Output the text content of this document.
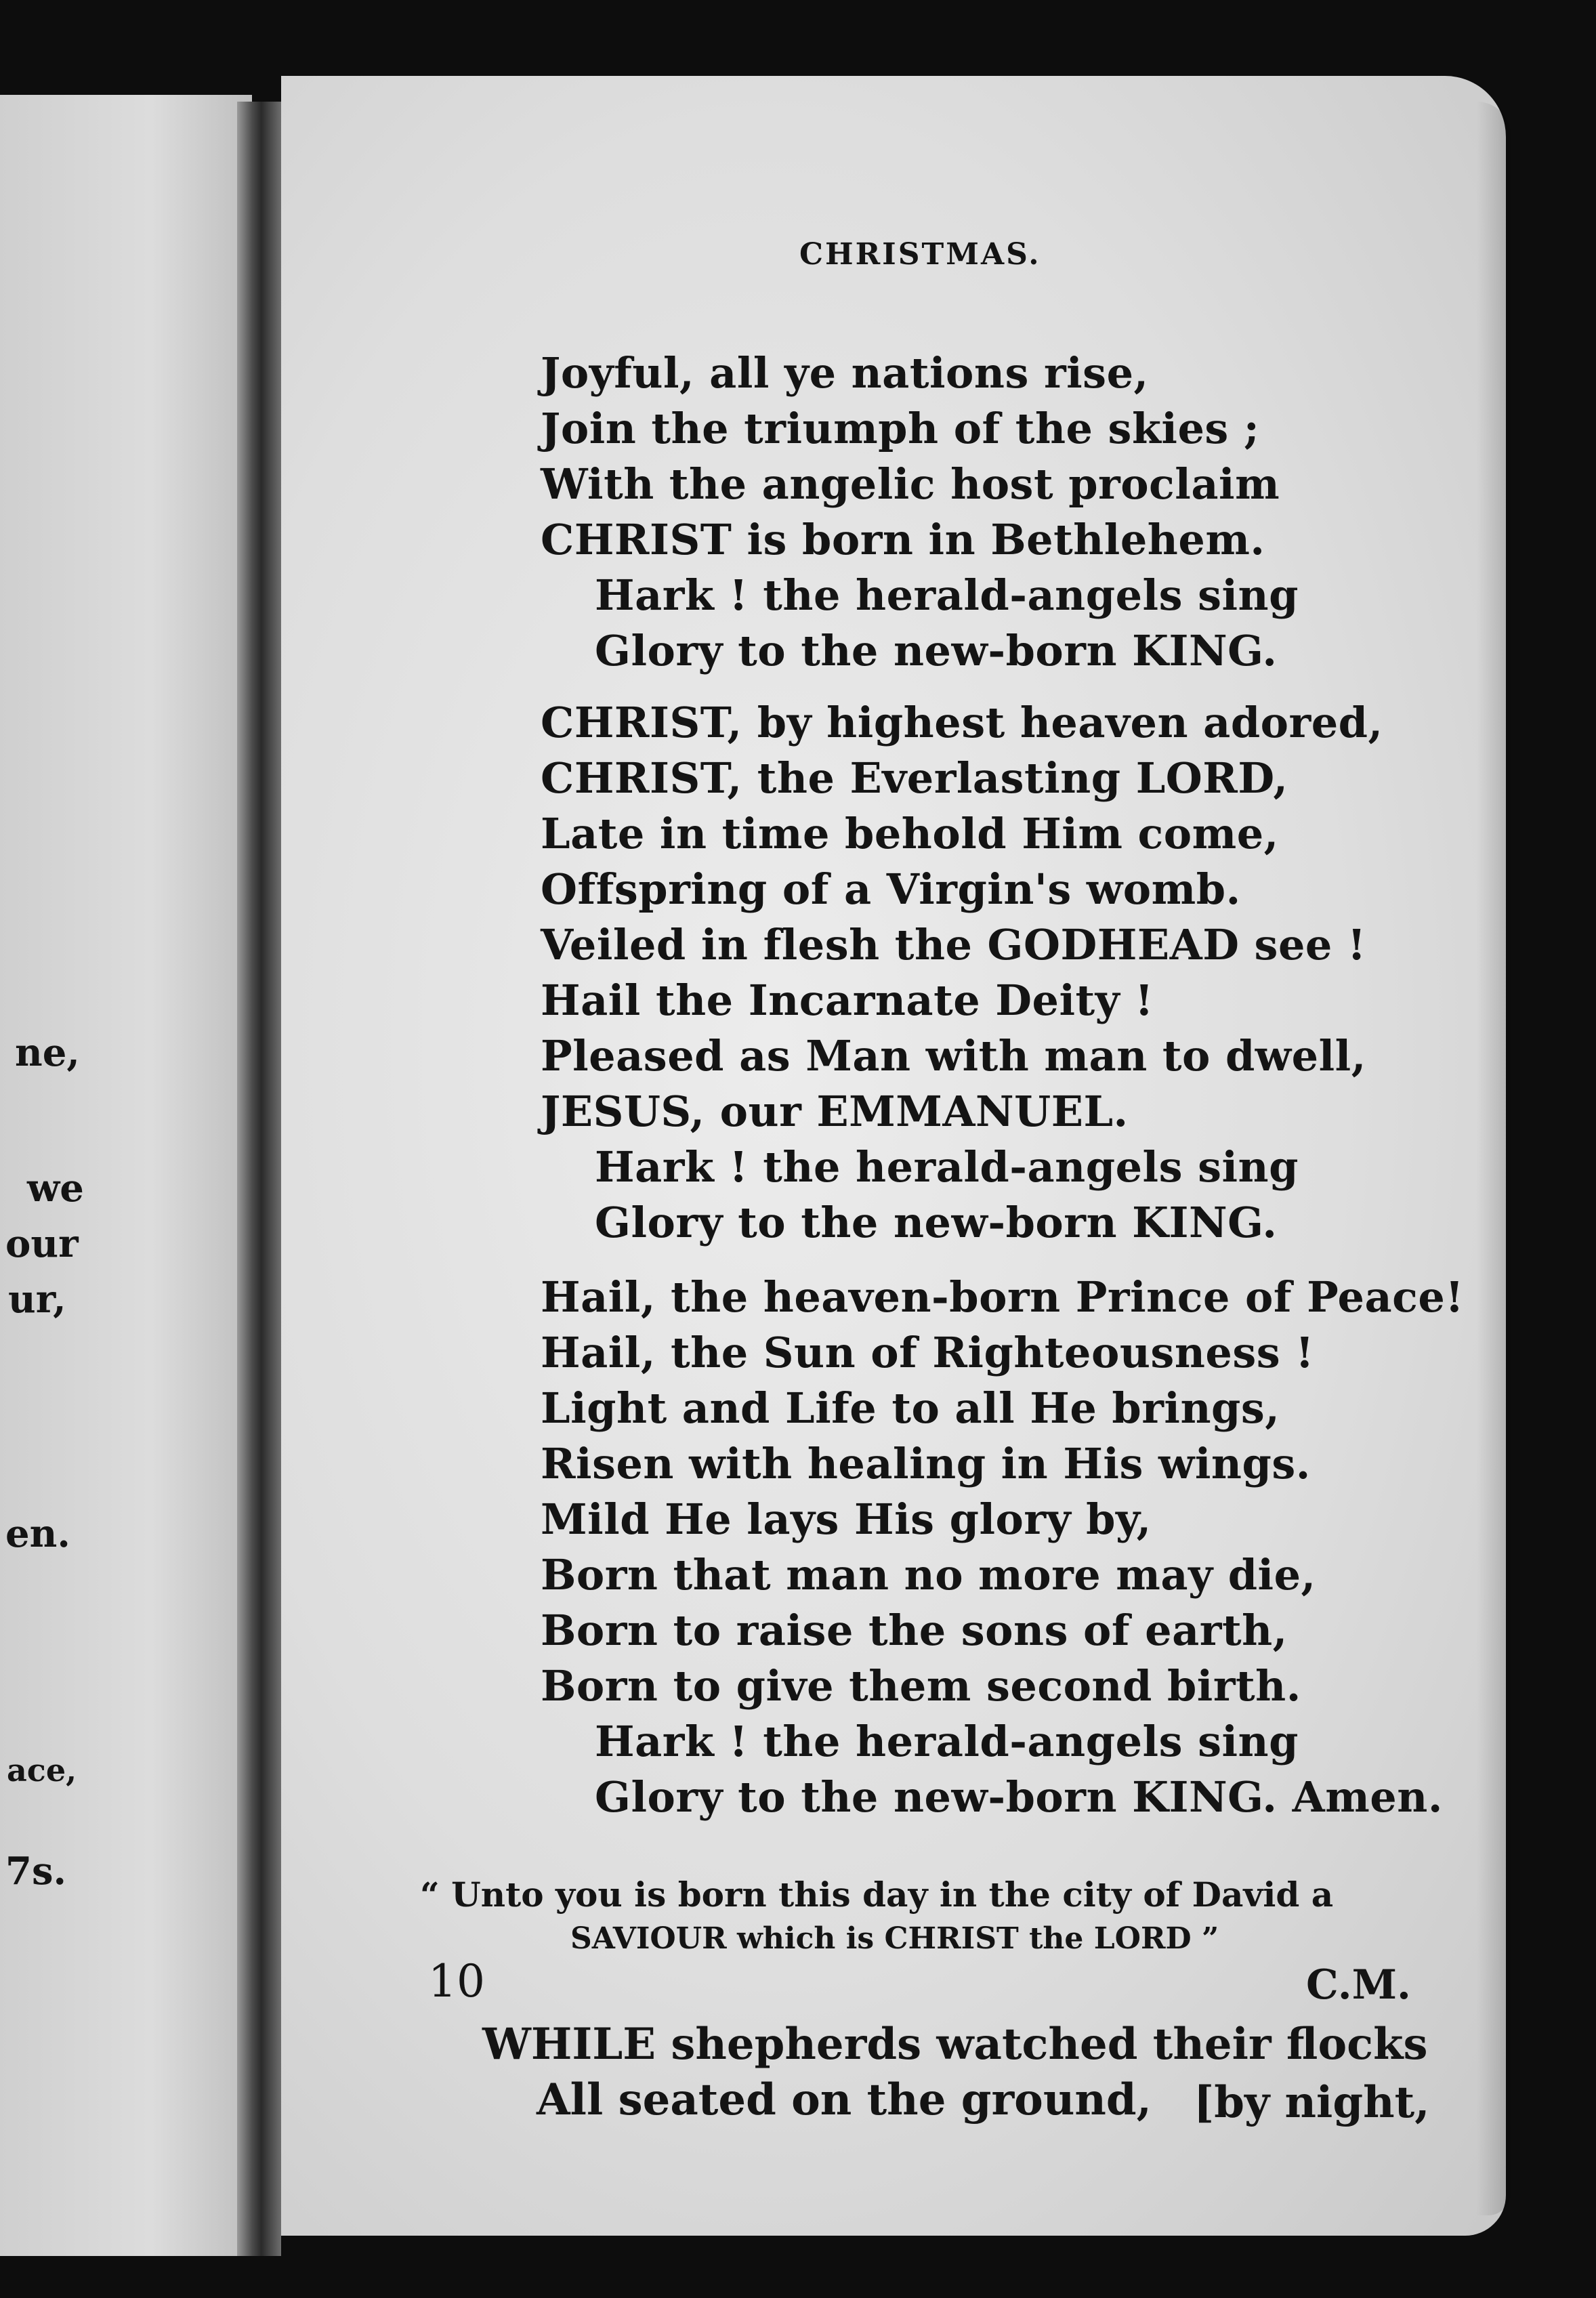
ne,
we
our
ur,
en.
ace,
7s.
CHRISTMAS.
Joyful, all ye nations rise,
Join the triumph of the skies ;
With the angelic host proclaim
CHRIST is born in Bethlehem.
Hark ! the herald-angels sing
Glory to the new-born KING.
CHRIST, by highest heaven adored,
CHRIST, the Everlasting LORD,
Late in time behold Him come,
Offspring of a Virgin's womb.
Veiled in flesh the GODHEAD see !
Hail the Incarnate Deity !
Pleased as Man with man to dwell,
JESUS, our EMMANUEL.
Hark ! the herald-angels sing
Glory to the new-born KING.
Hail, the heaven-born Prince of Peace!
Hail, the Sun of Righteousness !
Light and Life to all He brings,
Risen with healing in His wings.
Mild He lays His glory by,
Born that man no more may die,
Born to raise the sons of earth,
Born to give them second birth.
Hark ! the herald-angels sing
Glory to the new-born KING. Amen.
“ Unto you is born this day in the city of David a
SAVIOUR which is CHRIST the LORD ”
10	C.M.
WHILE shepherds watched their flocks
All seated on the ground, [by night,
